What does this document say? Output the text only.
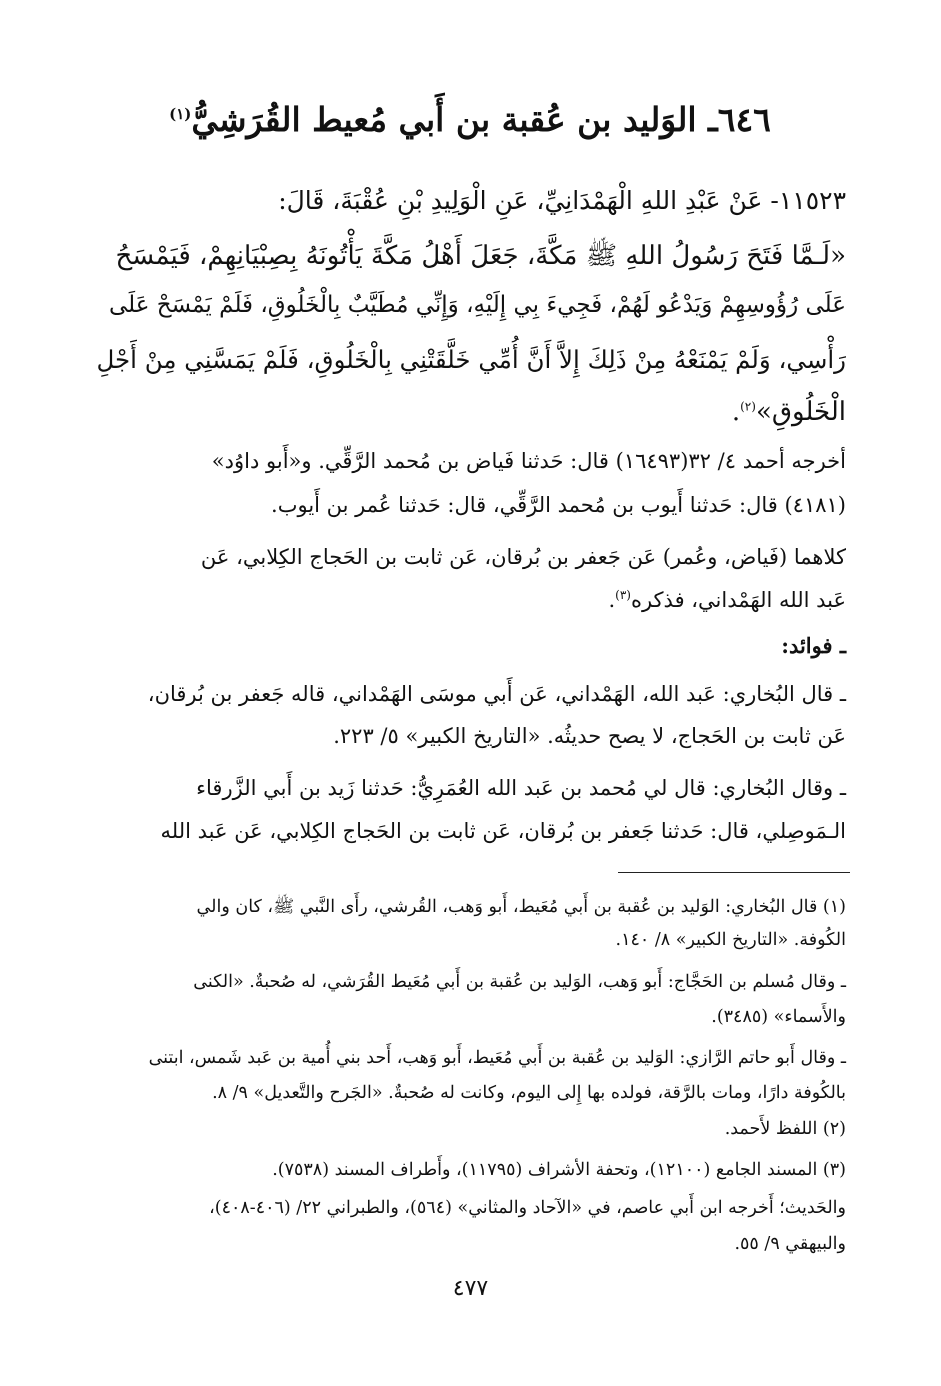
٦٤٦ـ الوَليد بن عُقبة بن أَبي مُعيط القُرَشِيُّ$^{(١)}$
١١٥٢٣- عَنْ عَبْدِ اللهِ الْهَمْدَانِيِّ، عَنِ الْوَلِيدِ بْنِ عُقْبَةَ، قَالَ:
«لَـمَّا فَتَحَ رَسُولُ اللهِ ﷺ مَكَّةَ، جَعَلَ أَهْلُ مَكَّةَ يَأْتُونَهُ بِصِبْيَانِهِمْ، فَيَمْسَحُ
عَلَى رُؤُوسِهِمْ وَيَدْعُو لَهُمْ، فَجِيءَ بِي إِلَيْهِ، وَإِنِّي مُطَيَّبٌ بِالْخَلُوقِ، فَلَمْ يَمْسَحْ عَلَى
رَأْسِي، وَلَمْ يَمْنَعْهُ مِنْ ذَلِكَ إِلاَّ أَنَّ أُمِّي خَلَّقَتْنِي بِالْخَلُوقِ، فَلَمْ يَمَسَّنِي مِنْ أَجْلِ
الْخَلُوقِ»$^{(٢)}$.
أخرجه أحمد ٤/ ٣٢(١٦٤٩٣) قال: حَدثنا فَياض بن مُحمد الرَّقِّي. و«أَبو داوُد»
(٤١٨١) قال: حَدثنا أَيوب بن مُحمد الرَّقِّي، قال: حَدثنا عُمر بن أَيوب.
كلاهما (فَياض، وعُمر) عَن جَعفر بن بُرقان، عَن ثابت بن الحَجاج الكِلابي، عَن
عَبد الله الهَمْداني، فذكره$^{(٣)}$.
ـ فوائد:
ـ قال البُخاري: عَبد الله، الهَمْداني، عَن أَبي موسَى الهَمْداني، قاله جَعفر بن بُرقان،
عَن ثابت بن الحَجاج، لا يصح حديثُه. «التاريخ الكبير» ٥/ ٢٢٣.
ـ وقال البُخاري: قال لي مُحمد بن عَبد الله العُمَرِيُّ: حَدثنا زَيد بن أَبي الزَّرقاء
الـمَوصِلي، قال: حَدثنا جَعفر بن بُرقان، عَن ثابت بن الحَجاج الكِلابي، عَن عَبد الله
(١) قال البُخاري: الوَليد بن عُقبة بن أَبي مُعَيط، أَبو وَهب، القُرشي، رأَى النَّبي ﷺ، كان والي
الكُوفة. «التاريخ الكبير» ٨/ ١٤٠.
ـ وقال مُسلم بن الحَجَّاج: أَبو وَهب، الوَليد بن عُقبة بن أَبي مُعَيط القُرَشي، له صُحبةٌ. «الكنى
والأَسماء» (٣٤٨٥).
ـ وقال أَبو حاتم الرَّازي: الوَليد بن عُقبة بن أَبي مُعَيط، أَبو وَهب، أَحد بني أُمية بن عَبد شَمس، ابتنى
بالكُوفة دارًا، ومات بالرَّقة، فولده بها إِلى اليوم، وكانت له صُحبةٌ. «الجَرح والتَّعديل» ٩/ ٨.
(٢) اللفظ لأَحمد.
(٣) المسند الجامع (١٢١٠٠)، وتحفة الأشراف (١١٧٩٥)، وأَطراف المسند (٧٥٣٨).
والحَديث؛ أَخرجه ابن أَبي عاصم، في «الآحاد والمثاني» (٥٦٤)، والطبراني ٢٢/ (٤٠٦-٤٠٨)،
والبيهقي ٩/ ٥٥.
٤٧٧
